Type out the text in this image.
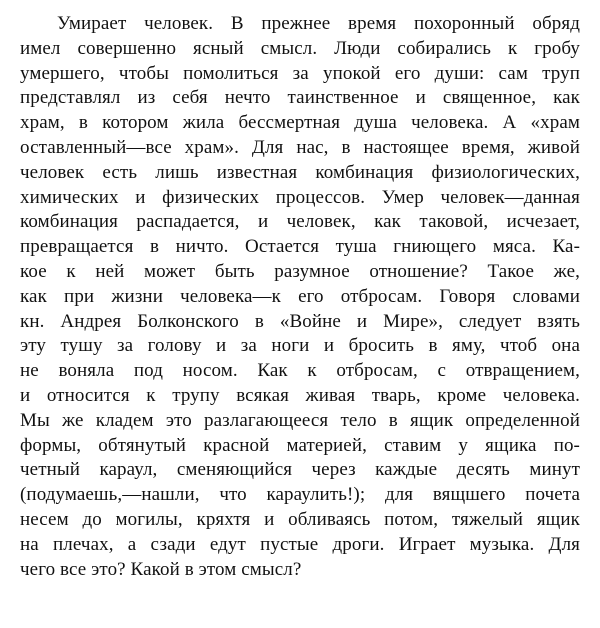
Умирает человек. В прежнее время похоронный обряд
имел совершенно ясный смысл. Люди собирались к гробу
умершего, чтобы помолиться за упокой его души: сам труп
представлял из себя нечто таинственное и священное, как
храм, в котором жила бессмертная душа человека. А «храм
оставленный—все храм». Для нас, в настоящее время, живой
человек есть лишь известная комбинация физиологических,
химических и физических процессов. Умер человек—данная
комбинация распадается, и человек, как таковой, исчезает,
превращается в ничто. Остается туша гниющего мяса. Ка-
кое к ней может быть разумное отношение? Такое же,
как при жизни человека—к его отбросам. Говоря словами
кн. Андрея Болконского в «Войне и Мире», следует взять
эту тушу за голову и за ноги и бросить в яму, чтоб она
не воняла под носом. Как к отбросам, с отвращением,
и относится к трупу всякая живая тварь, кроме человека.
Мы же кладем это разлагающееся тело в ящик определенной
формы, обтянутый красной материей, ставим у ящика по-
четный караул, сменяющийся через каждые десять минут
(подумаешь,—нашли, что караулить!); для вящшего почета
несем до могилы, кряхтя и обливаясь потом, тяжелый ящик
на плечах, а сзади едут пустые дроги. Играет музыка. Для
чего все это? Какой в этом смысл?
